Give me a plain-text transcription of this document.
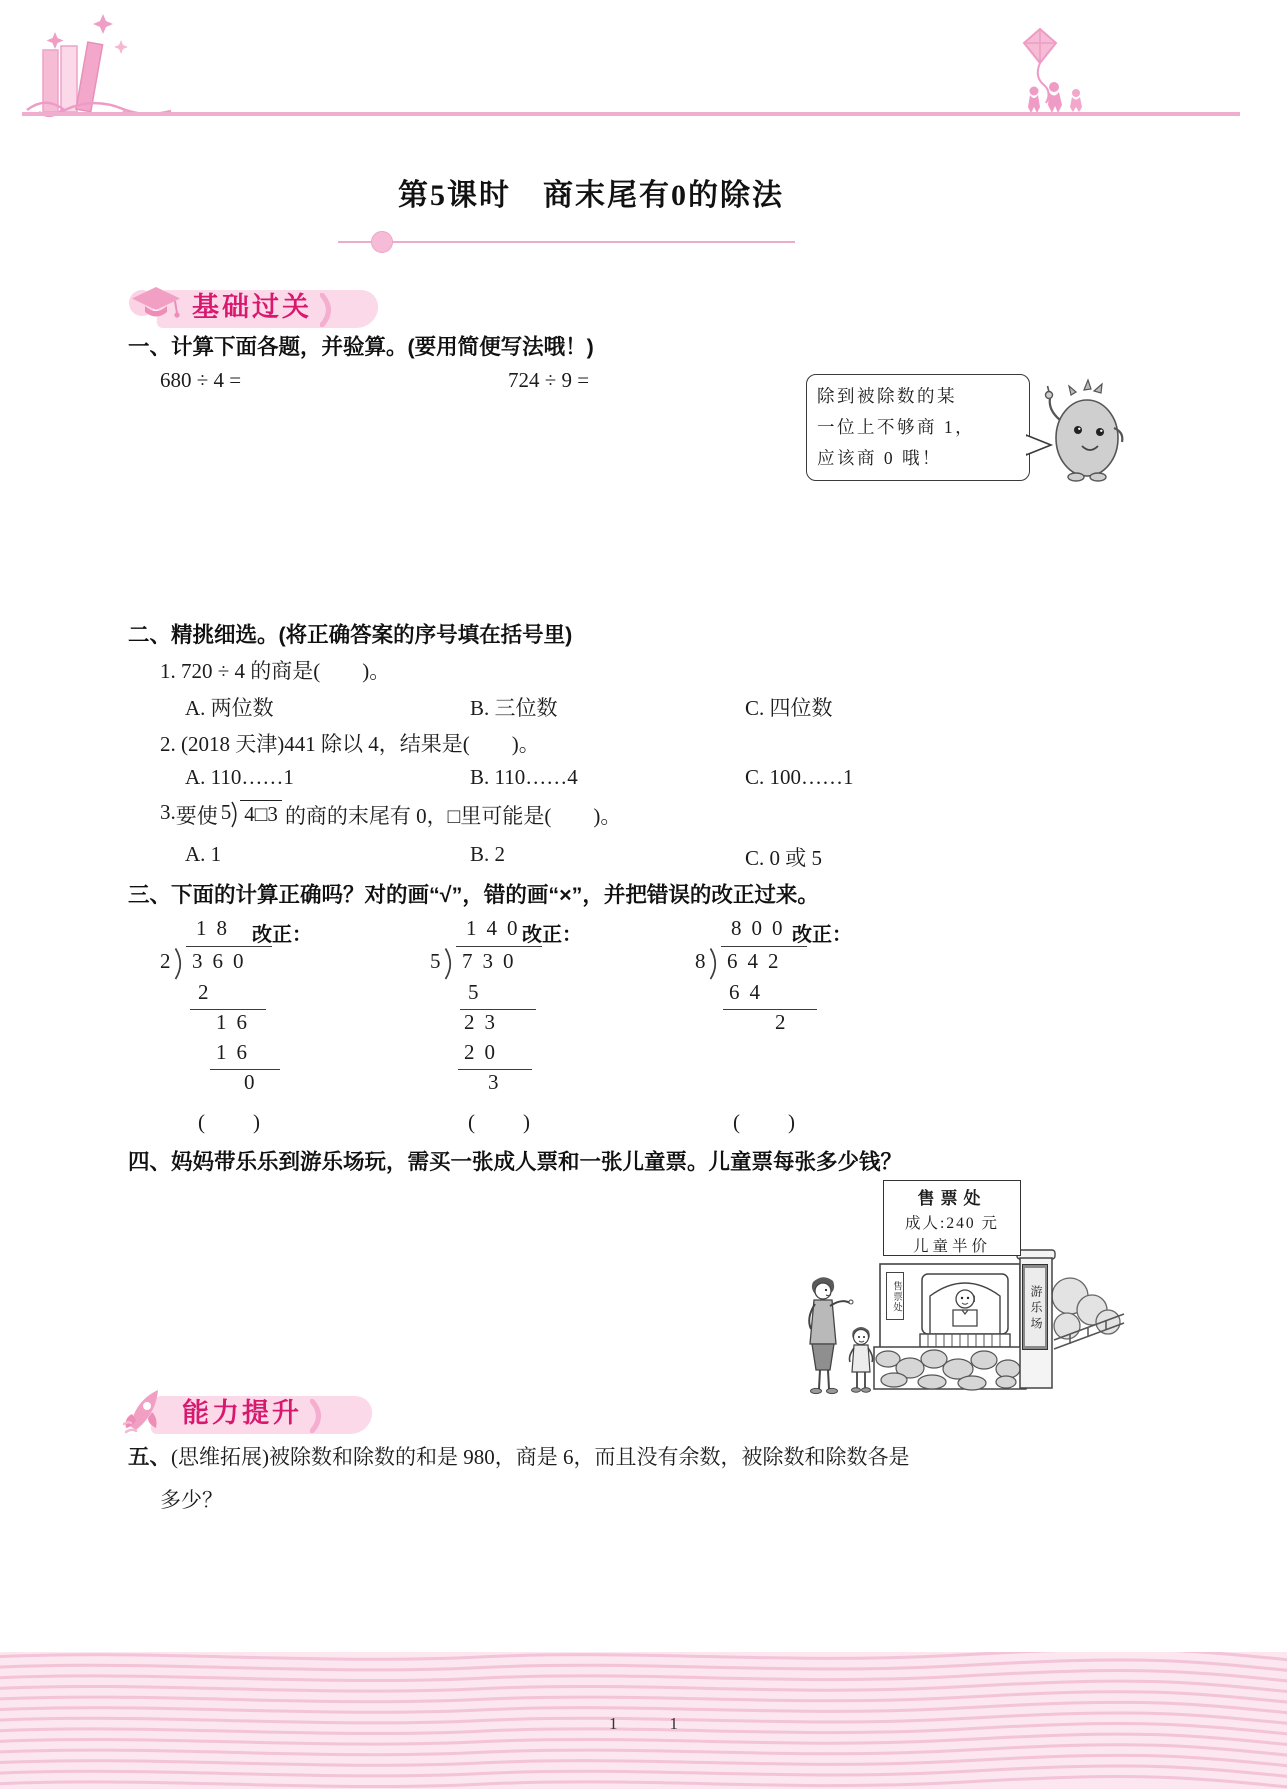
第5课时　商末尾有0的除法
基础过关
一、计算下面各题，并验算。(要用简便写法哦！)
680 ÷ 4 =	724 ÷ 9 =
除到被除数的某
一位上不够商 1，
应该商 0 哦！
二、精挑细选。(将正确答案的序号填在括号里)
1. 720 ÷ 4 的商是(　　)。
A. 两位数	B. 三位数	C. 四位数
2. (2018 天津)441 除以 4，结果是(　　)。
A. 110……1	B. 110……4	C. 100……1
3. 要使 5 4□3 的商的末尾有 0，□里可能是(　　)。
A. 1	B. 2	C. 0 或 5
三、下面的计算正确吗？对的画“√”，错的画“×”，并把错误的改正过来。
18
2 360
2
16
16
0
(　　)
改正：	140
5 730
5
23
20
3
(　　)
改正：	800
8 642
64
2
(　　)
改正：
四、妈妈带乐乐到游乐场玩，需买一张成人票和一张儿童票。儿童票每张多少钱？
售票处
成人:240 元
儿童半价
售票处	游乐场
能力提升
五、(思维拓展)被除数和除数的和是 980，商是 6，而且没有余数，被除数和除数各是
多少？
1	1
